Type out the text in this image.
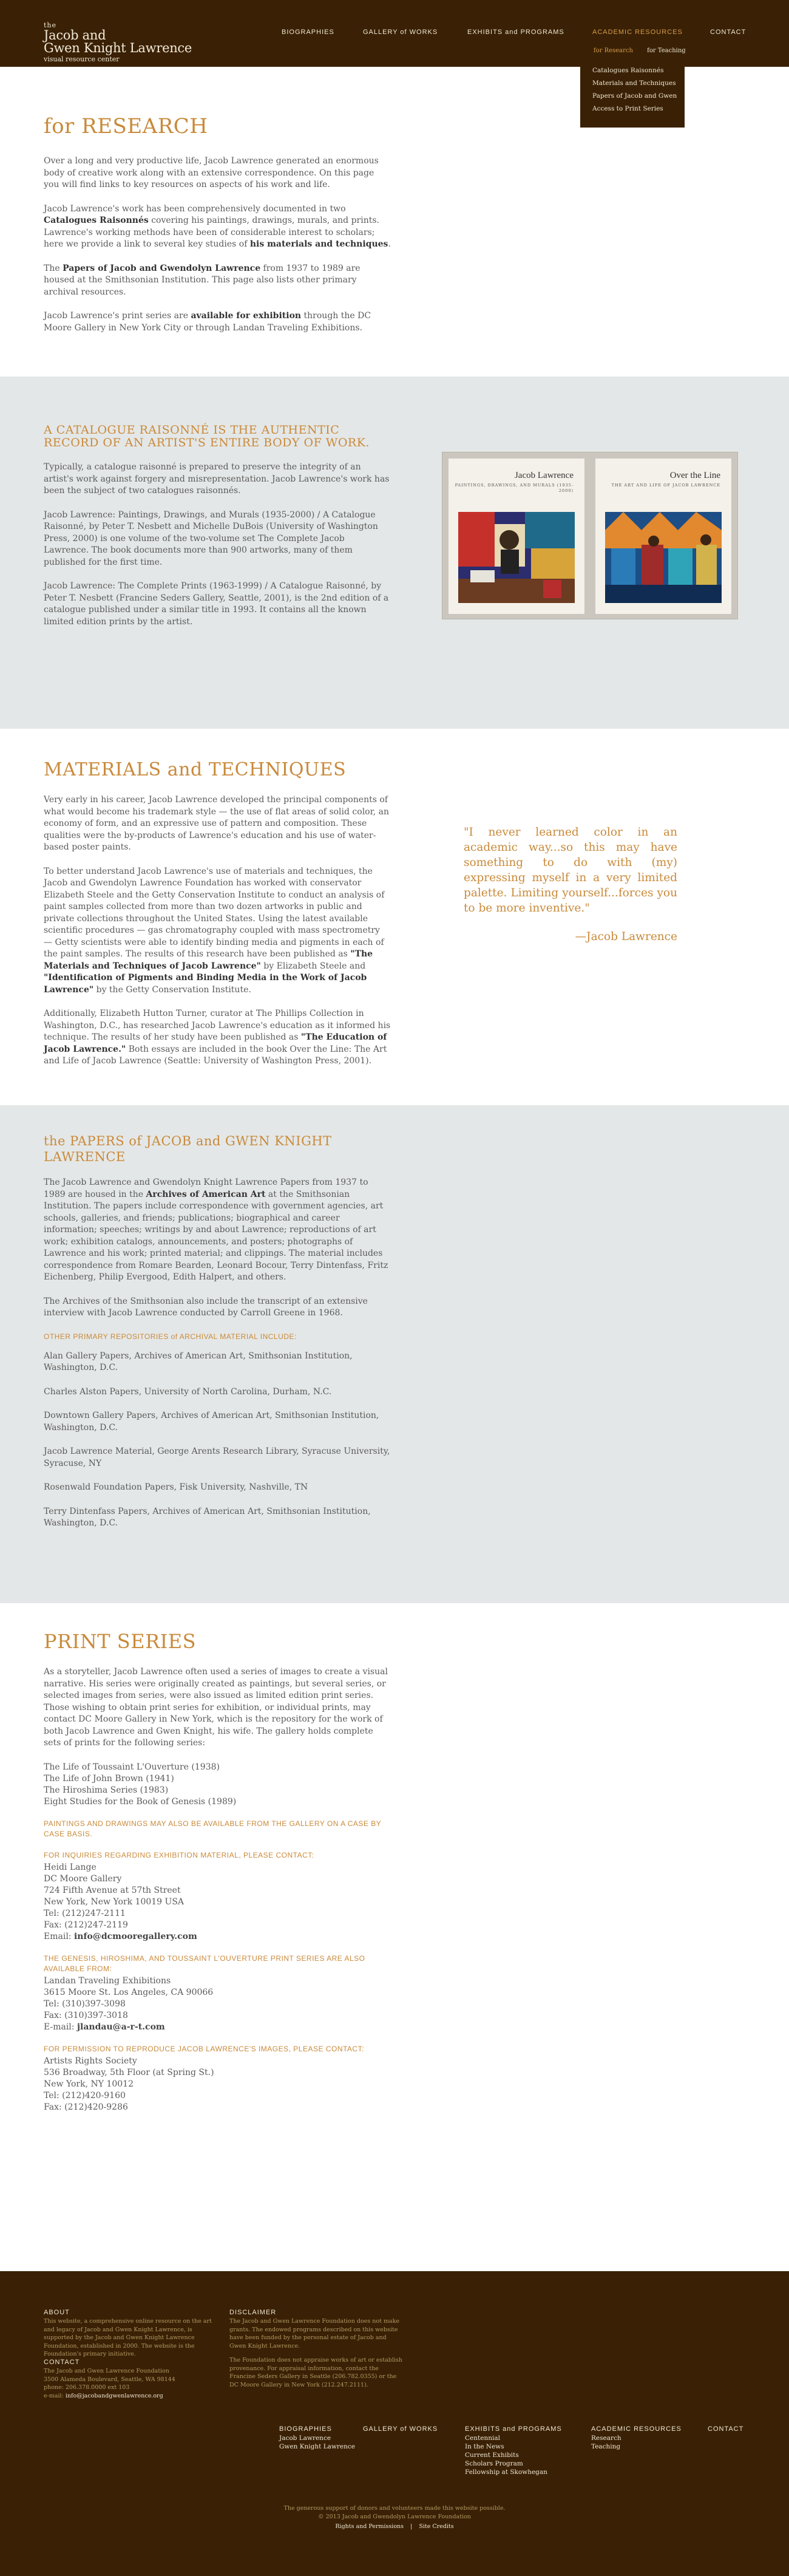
the
Jacob and
Gwen Knight Lawrence
visual resource center
BIOGRAPHIES	GALLERY of WORKS	EXHIBITS and PROGRAMS	ACADEMIC RESOURCES	CONTACT
for Research for Teaching
Catalogues Raisonnés
Materials and Techniques
Papers of Jacob and Gwen
Access to Print Series
for RESEARCH

Over a long and very productive life, Jacob Lawrence generated an enormous body of creative work along with an extensive correspondence. On this page you will find links to key resources on aspects of his work and life.

Jacob Lawrence's work has been comprehensively documented in two Catalogues Raisonnés covering his paintings, drawings, murals, and prints. Lawrence's working methods have been of considerable interest to scholars; here we provide a link to several key studies of his materials and techniques.

The Papers of Jacob and Gwendolyn Lawrence from 1937 to 1989 are housed at the Smithsonian Institution. This page also lists other primary archival resources.

Jacob Lawrence's print series are available for exhibition through the DC Moore Gallery in New York City or through Landan Traveling Exhibitions.

A CATALOGUE RAISONNÉ IS THE AUTHENTIC RECORD OF AN ARTIST'S ENTIRE BODY OF WORK.

Typically, a catalogue raisonné is prepared to preserve the integrity of an artist's work against forgery and misrepresentation. Jacob Lawrence's work has been the subject of two catalogues raisonnés.

Jacob Lawrence: Paintings, Drawings, and Murals (1935-2000) / A Catalogue Raisonné, by Peter T. Nesbett and Michelle DuBois (University of Washington Press, 2000) is one volume of the two-volume set The Complete Jacob Lawrence. The book documents more than 900 artworks, many of them published for the first time.

Jacob Lawrence: The Complete Prints (1963-1999) / A Catalogue Raisonné, by Peter T. Nesbett (Francine Seders Gallery, Seattle, 2001), is the 2nd edition of a catalogue published under a similar title in 1993. It contains all the known limited edition prints by the artist.

Jacob Lawrence
PAINTINGS, DRAWINGS, AND MURALS (1935-2000)
Over the Line
THE ART AND LIFE OF JACOB LAWRENCE
MATERIALS and TECHNIQUES

Very early in his career, Jacob Lawrence developed the principal components of what would become his trademark style — the use of flat areas of solid color, an economy of form, and an expressive use of pattern and composition. These qualities were the by-products of Lawrence's education and his use of water-based poster paints.

To better understand Jacob Lawrence's use of materials and techniques, the Jacob and Gwendolyn Lawrence Foundation has worked with conservator Elizabeth Steele and the Getty Conservation Institute to conduct an analysis of paint samples collected from more than two dozen artworks in public and private collections throughout the United States. Using the latest available scientific procedures — gas chromatography coupled with mass spectrometry — Getty scientists were able to identify binding media and pigments in each of the paint samples. The results of this research have been published as "The Materials and Techniques of Jacob Lawrence" by Elizabeth Steele and "Identification of Pigments and Binding Media in the Work of Jacob Lawrence" by the Getty Conservation Institute.

Additionally, Elizabeth Hutton Turner, curator at The Phillips Collection in Washington, D.C., has researched Jacob Lawrence's education as it informed his technique. The results of her study have been published as "The Education of Jacob Lawrence." Both essays are included in the book Over the Line: The Art and Life of Jacob Lawrence (Seattle: University of Washington Press, 2001).

"I never learned color in an academic way...so this may have something to do with (my) expressing myself in a very limited palette. Limiting yourself...forces you to be more inventive."
—Jacob Lawrence
the PAPERS of JACOB and GWEN KNIGHT LAWRENCE

The Jacob Lawrence and Gwendolyn Knight Lawrence Papers from 1937 to 1989 are housed in the Archives of American Art at the Smithsonian Institution. The papers include correspondence with government agencies, art schools, galleries, and friends; publications; biographical and career information; speeches; writings by and about Lawrence; reproductions of art work; exhibition catalogs, announcements, and posters; photographs of Lawrence and his work; printed material; and clippings. The material includes correspondence from Romare Bearden, Leonard Bocour, Terry Dintenfass, Fritz Eichenberg, Philip Evergood, Edith Halpert, and others.

The Archives of the Smithsonian also include the transcript of an extensive interview with Jacob Lawrence conducted by Carroll Greene in 1968.

OTHER PRIMARY REPOSITORIES of ARCHIVAL MATERIAL INCLUDE:

Alan Gallery Papers, Archives of American Art, Smithsonian Institution, Washington, D.C.

Charles Alston Papers, University of North Carolina, Durham, N.C.

Downtown Gallery Papers, Archives of American Art, Smithsonian Institution, Washington, D.C.

Jacob Lawrence Material, George Arents Research Library, Syracuse University, Syracuse, NY

Rosenwald Foundation Papers, Fisk University, Nashville, TN

Terry Dintenfass Papers, Archives of American Art, Smithsonian Institution, Washington, D.C.

PRINT SERIES

As a storyteller, Jacob Lawrence often used a series of images to create a visual narrative. His series were originally created as paintings, but several series, or selected images from series, were also issued as limited edition print series. Those wishing to obtain print series for exhibition, or individual prints, may contact DC Moore Gallery in New York, which is the repository for the work of both Jacob Lawrence and Gwen Knight, his wife. The gallery holds complete sets of prints for the following series:

The Life of Toussaint L'Ouverture (1938)
The Life of John Brown (1941)
The Hiroshima Series (1983)
Eight Studies for the Book of Genesis (1989)
PAINTINGS AND DRAWINGS MAY ALSO BE AVAILABLE FROM THE GALLERY ON A CASE BY CASE BASIS.
FOR INQUIRIES REGARDING EXHIBITION MATERIAL, PLEASE CONTACT:
Heidi Lange
DC Moore Gallery
724 Fifth Avenue at 57th Street
New York, New York 10019 USA
Tel: (212)247-2111
Fax: (212)247-2119
Email: info@dcmooregallery.com
THE GENESIS, HIROSHIMA, AND TOUSSAINT L'OUVERTURE PRINT SERIES ARE ALSO AVAILABLE FROM:
Landan Traveling Exhibitions
3615 Moore St. Los Angeles, CA 90066
Tel: (310)397-3098
Fax: (310)397-3018
E-mail: jlandau@a-r-t.com
FOR PERMISSION TO REPRODUCE JACOB LAWRENCE'S IMAGES, PLEASE CONTACT:
Artists Rights Society
536 Broadway, 5th Floor (at Spring St.)
New York, NY 10012
Tel: (212)420-9160
Fax: (212)420-9286
ABOUT
This website, a comprehensive online resource on the art and legacy of Jacob and Gwen Knight Lawrence, is supported by the Jacob and Gwen Knight Lawrence Foundation, established in 2000. The website is the Foundation's primary initiative.
CONTACT
The Jacob and Gwen Lawrence Foundation
3500 Alameda Boulevard, Seattle, WA 98144
phone: 206.378.0000 ext 103
e-mail: info@jacobandgwenlawrence.org
DISCLAIMER
The Jacob and Gwen Lawrence Foundation does not make grants. The endowed programs described on this website have been funded by the personal estate of Jacob and Gwen Knight Lawrence.
The Foundation does not appraise works of art or establish provenance. For appraisal information, contact the Francine Seders Gallery in Seattle (206.782.0355) or the DC Moore Gallery in New York (212.247.2111).
BIOGRAPHIES
Jacob Lawrence
Gwen Knight Lawrence
GALLERY of WORKS	EXHIBITS and PROGRAMS
Centennial
In the News
Current Exhibits
Scholars Program
Fellowship at Skowhegan
ACADEMIC RESOURCES
Research
Teaching
CONTACT
The generous support of donors and volunteers made this website possible.
© 2013 Jacob and Gwendolyn Lawrence Foundation
Rights and Permissions | Site Credits
